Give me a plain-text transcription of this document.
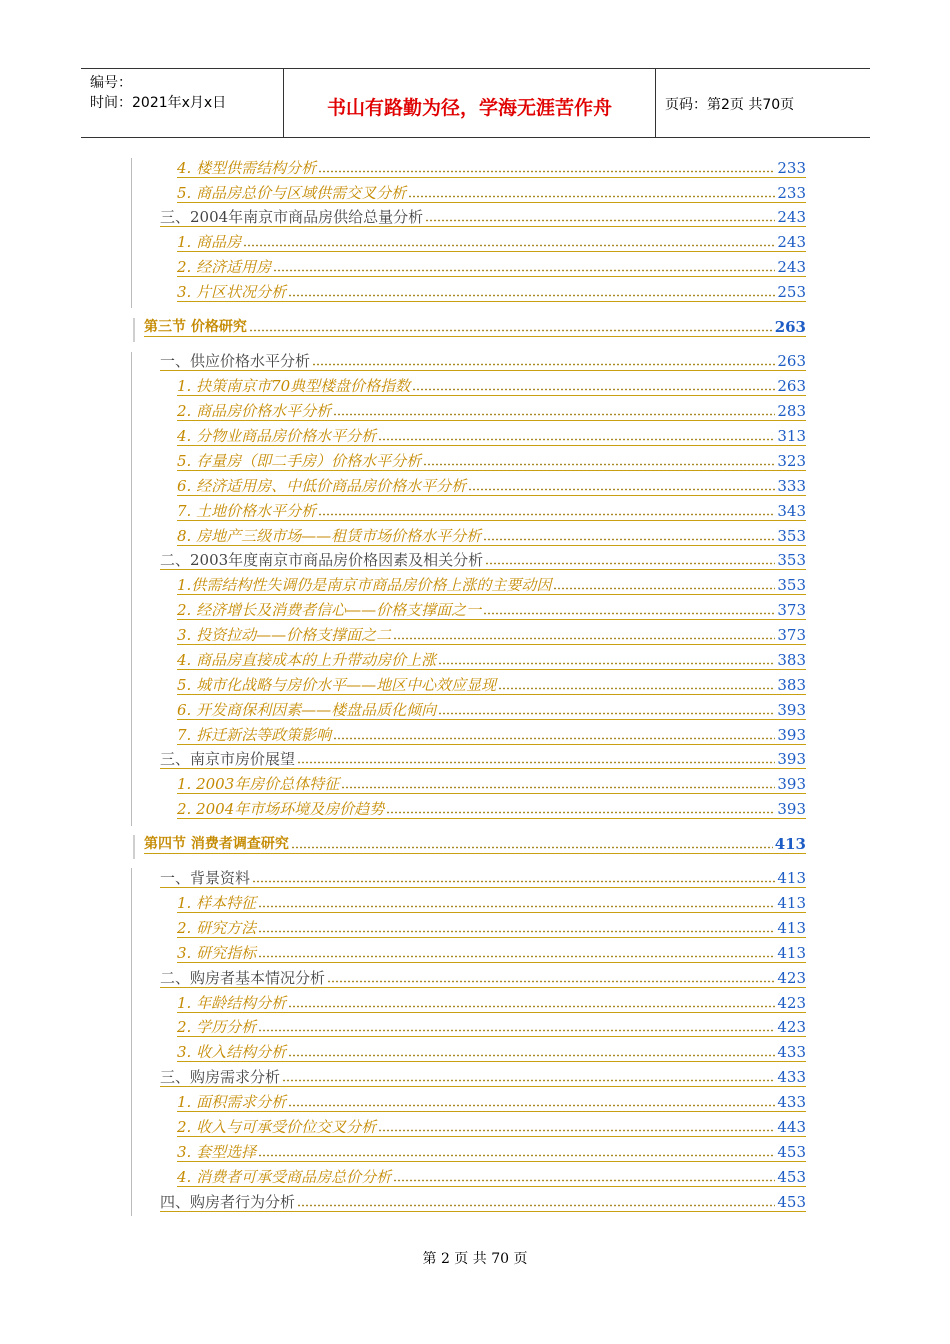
编号：
时间：2021年x月x日	书山有路勤为径，学海无涯苦作舟	页码：第2页 共70页
4. 楼型供需结构分析	233
5. 商品房总价与区域供需交叉分析	233
三、2004年南京市商品房供给总量分析	243
1. 商品房	243
2. 经济适用房	243
3. 片区状况分析	253
第三节 价格研究	263
一、供应价格水平分析	263
1. 抉策南京市70典型楼盘价格指数	263
2. 商品房价格水平分析	283
4. 分物业商品房价格水平分析	313
5. 存量房（即二手房）价格水平分析	323
6. 经济适用房、中低价商品房价格水平分析	333
7. 土地价格水平分析	343
8. 房地产三级市场——租赁市场价格水平分析	353
二、2003年度南京市商品房价格因素及相关分析	353
1.供需结构性失调仍是南京市商品房价格上涨的主要动因	353
2. 经济增长及消费者信心——价格支撑面之一	373
3. 投资拉动——价格支撑面之二	373
4. 商品房直接成本的上升带动房价上涨	383
5. 城市化战略与房价水平——地区中心效应显现	383
6. 开发商保利因素——楼盘品质化倾向	393
7. 拆迁新法等政策影响	393
三、南京市房价展望	393
1. 2003年房价总体特征	393
2. 2004年市场环境及房价趋势	393
第四节 消费者调查研究	413
一、背景资料	413
1. 样本特征	413
2. 研究方法	413
3. 研究指标	413
二、购房者基本情况分析	423
1. 年龄结构分析	423
2. 学历分析	423
3. 收入结构分析	433
三、购房需求分析	433
1. 面积需求分析	433
2. 收入与可承受价位交叉分析	443
3. 套型选择	453
4. 消费者可承受商品房总价分析	453
四、购房者行为分析	453
第 2 页 共 70 页
